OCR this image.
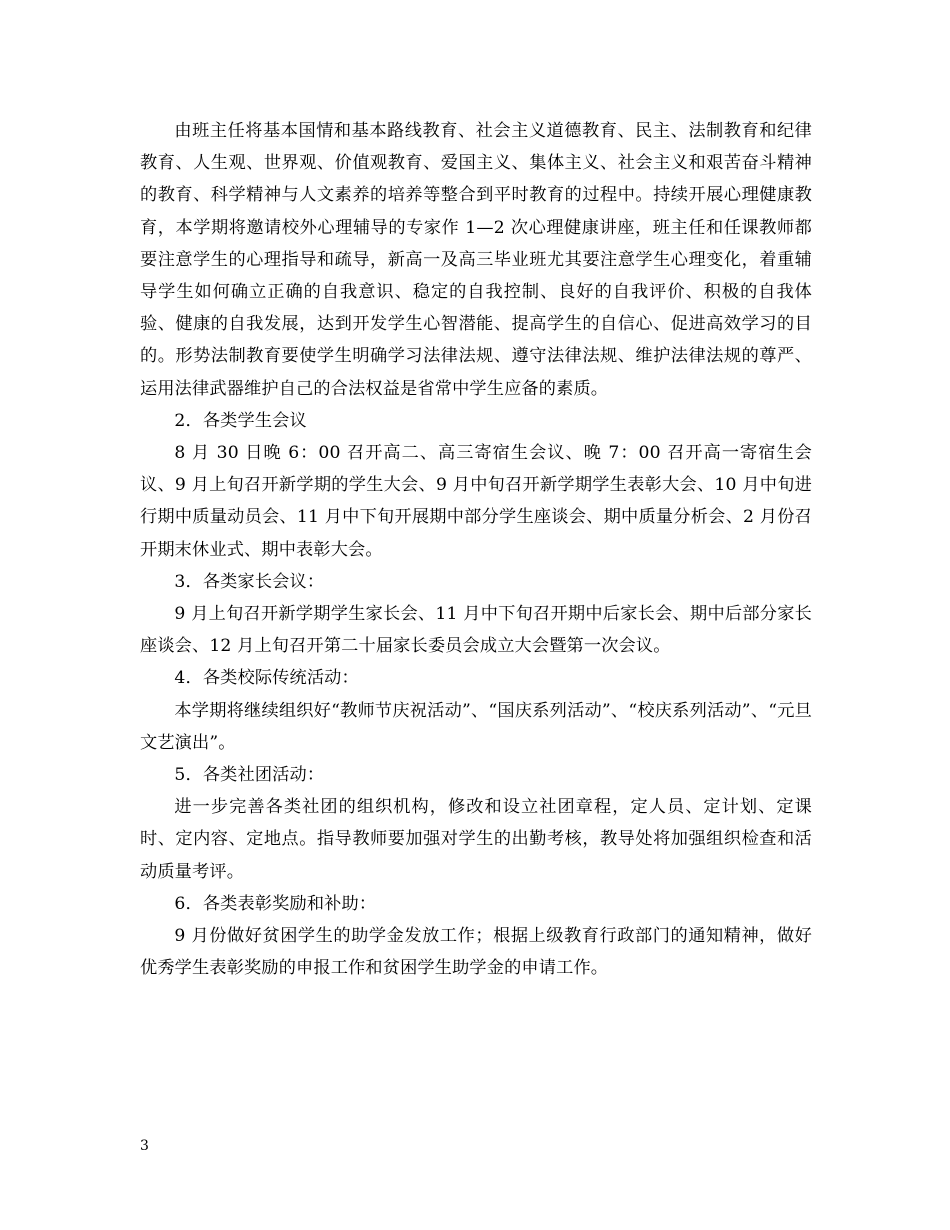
由班主任将基本国情和基本路线教育、社会主义道德教育、民主、法制教育和纪律教育、人生观、世界观、价值观教育、爱国主义、集体主义、社会主义和艰苦奋斗精神的教育、科学精神与人文素养的培养等整合到平时教育的过程中。持续开展心理健康教育，本学期将邀请校外心理辅导的专家作 1—2 次心理健康讲座，班主任和任课教师都要注意学生的心理指导和疏导，新高一及高三毕业班尤其要注意学生心理变化，着重辅导学生如何确立正确的自我意识、稳定的自我控制、良好的自我评价、积极的自我体验、健康的自我发展，达到开发学生心智潜能、提高学生的自信心、促进高效学习的目的。形势法制教育要使学生明确学习法律法规、遵守法律法规、维护法律法规的尊严、运用法律武器维护自己的合法权益是省常中学生应备的素质。

2．各类学生会议

8 月 30 日晚 6：00 召开高二、高三寄宿生会议、晚 7：00 召开高一寄宿生会议、9 月上旬召开新学期的学生大会、9 月中旬召开新学期学生表彰大会、10 月中旬进行期中质量动员会、11 月中下旬开展期中部分学生座谈会、期中质量分析会、2 月份召开期末休业式、期中表彰大会。

3．各类家长会议：

9 月上旬召开新学期学生家长会、11 月中下旬召开期中后家长会、期中后部分家长座谈会、12 月上旬召开第二十届家长委员会成立大会暨第一次会议。

4．各类校际传统活动：

本学期将继续组织好“教师节庆祝活动”、“国庆系列活动”、“校庆系列活动”、“元旦文艺演出”。

5．各类社团活动：

进一步完善各类社团的组织机构，修改和设立社团章程，定人员、定计划、定课时、定内容、定地点。指导教师要加强对学生的出勤考核，教导处将加强组织检查和活动质量考评。

6．各类表彰奖励和补助：

9 月份做好贫困学生的助学金发放工作；根据上级教育行政部门的通知精神，做好优秀学生表彰奖励的申报工作和贫困学生助学金的申请工作。

3
